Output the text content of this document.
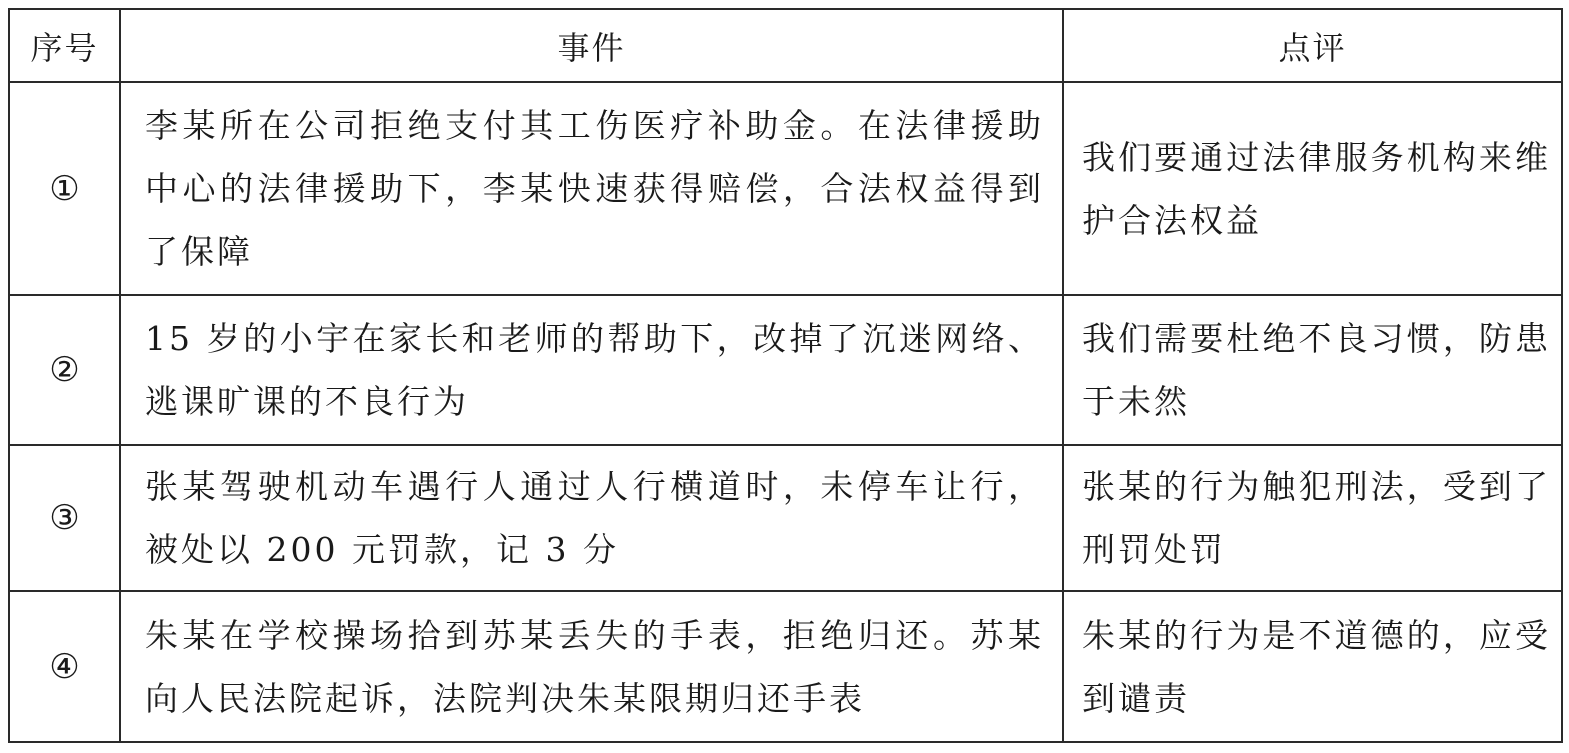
序号	事件	点评
①	李某所在公司拒绝支付其工伤医疗补助金。在法律援助中心的法律援助下，李某快速获得赔偿，合法权益得到了保障	我们要通过法律服务机构来维护合法权益

②	15 岁的小宇在家长和老师的帮助下，改掉了沉迷网络、逃课旷课的不良行为	我们需要杜绝不良习惯，防患于未然

③	张某驾驶机动车遇行人通过人行横道时，未停车让行，被处以 200 元罚款，记 3 分	张某的行为触犯刑法，受到了刑罚处罚

④	朱某在学校操场拾到苏某丢失的手表，拒绝归还。苏某向人民法院起诉，法院判决朱某限期归还手表	朱某的行为是不道德的，应受到谴责
